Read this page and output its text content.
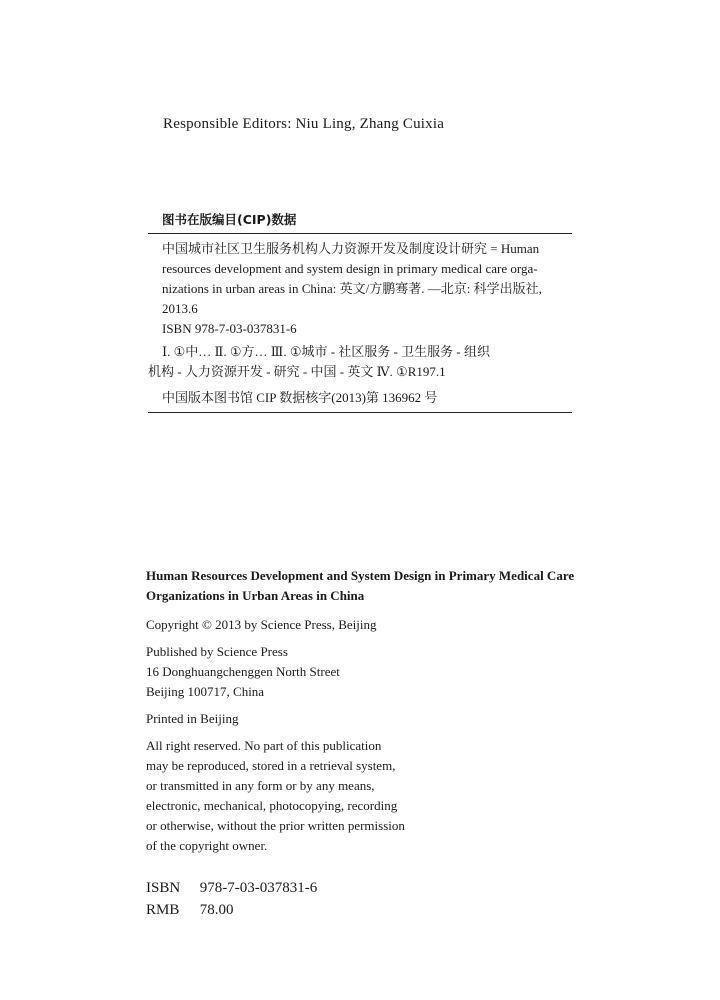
Responsible Editors: Niu Ling, Zhang Cuixia
图书在版编目(CIP)数据
中国城市社区卫生服务机构人力资源开发及制度设计研究 = Human
resources development and system design in primary medical care orga-
nizations in urban areas in China: 英文/方鹏骞著. —北京: 科学出版社,
2013.6
ISBN 978-7-03-037831-6
Ⅰ. ①中… Ⅱ. ①方… Ⅲ. ①城市 - 社区服务 - 卫生服务 - 组织
机构 - 人力资源开发 - 研究 - 中国 - 英文 Ⅳ. ①R197.1
中国版本图书馆 CIP 数据核字(2013)第 136962 号
Human Resources Development and System Design in Primary Medical Care
Organizations in Urban Areas in China
Copyright © 2013 by Science Press, Beijing
Published by Science Press
16 Donghuangchenggen North Street
Beijing 100717, China
Printed in Beijing
All right reserved. No part of this publication
may be reproduced, stored in a retrieval system,
or transmitted in any form or by any means,
electronic, mechanical, photocopying, recording
or otherwise, without the prior written permission
of the copyright owner.
ISBN 978-7-03-037831-6
RMB 78.00
